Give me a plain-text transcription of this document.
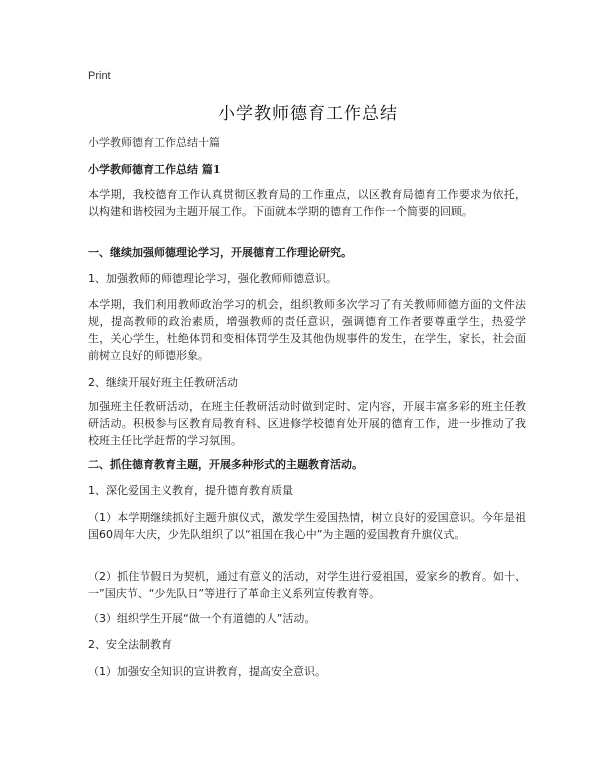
Print
小学教师德育工作总结

小学教师德育工作总结十篇

小学教师德育工作总结 篇1

本学期，我校德育工作认真贯彻区教育局的工作重点，以区教育局德育工作要求为依托，以构建和谐校园为主题开展工作。下面就本学期的德育工作作一个简要的回顾。

一、继续加强师德理论学习，开展德育工作理论研究。

1、加强教师的师德理论学习，强化教师师德意识。

本学期，我们利用教师政治学习的机会，组织教师多次学习了有关教师师德方面的文件法规，提高教师的政治素质，增强教师的责任意识，强调德育工作者要尊重学生，热爱学生，关心学生，杜绝体罚和变相体罚学生及其他伪规事件的发生，在学生，家长，社会面前树立良好的师德形象。

2、继续开展好班主任教研活动

加强班主任教研活动，在班主任教研活动时做到定时、定内容，开展丰富多彩的班主任教研活动。积极参与区教育局教育科、区进修学校德育处开展的德育工作，进一步推动了我校班主任比学赶帮的学习氛围。

二、抓住德育教育主题，开展多种形式的主题教育活动。

1、深化爱国主义教育，提升德育教育质量

（1）本学期继续抓好主题升旗仪式，激发学生爱国热情，树立良好的爱国意识。今年是祖国60周年大庆，少先队组织了以“祖国在我心中”为主题的爱国教育升旗仪式。

（2）抓住节假日为契机，通过有意义的活动，对学生进行爱祖国，爱家乡的教育。如十、一”国庆节、“少先队日”等进行了革命主义系列宣传教育等。

（3）组织学生开展“做一个有道德的人”活动。

2、安全法制教育

（1）加强安全知识的宣讲教育，提高安全意识。
